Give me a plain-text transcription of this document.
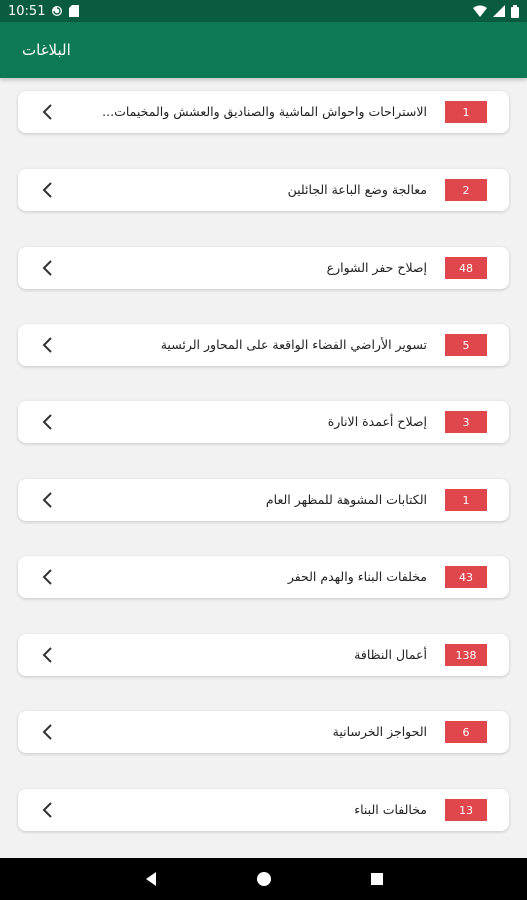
10:51
البلاغات
الاستراحات واحواش الماشية والصناديق والعشش والمخيمات...	1
معالجة وضع الباعة الجائلين	2
إصلاح حفر الشوارع	48
تسوير الأراضي الفضاء الواقعة على المحاور الرئسية	5
إصلاح أعمدة الانارة	3
الكتابات المشوهة للمظهر العام	1
مخلفات البناء والهدم الحفر	43
أعمال النظافة	138
الحواجز الخرسانية	6
مخالفات البناء	13
